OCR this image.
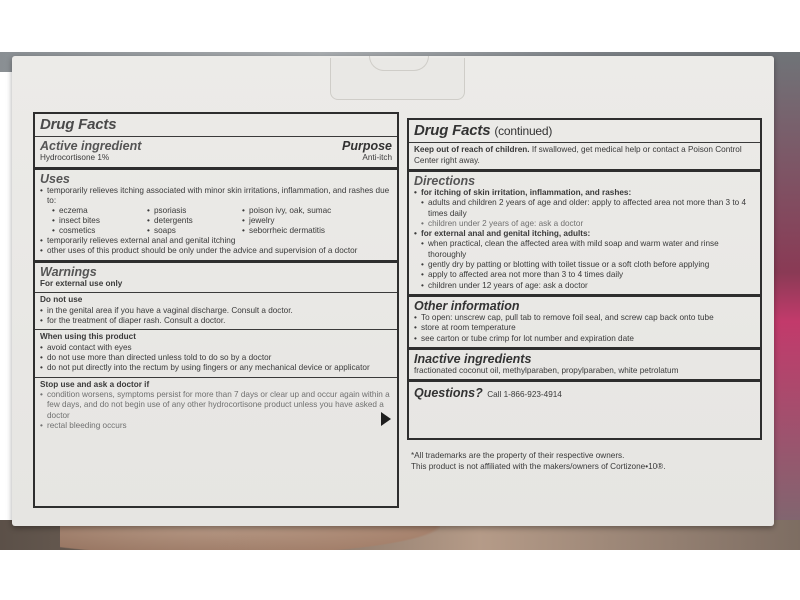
Drug Facts
Active ingredient	Purpose
Hydrocortisone 1%	Anti-itch
Uses
• temporarily relieves itching associated with minor skin irritations, inflammation, and rashes due to:
• eczema	• psoriasis	• poison ivy, oak, sumac
• insect bites	• detergents	• jewelry
• cosmetics	• soaps	• seborrheic dermatitis
• temporarily relieves external anal and genital itching
• other uses of this product should be only under the advice and supervision of a doctor
Warnings
For external use only
Do not use
• in the genital area if you have a vaginal discharge. Consult a doctor.
• for the treatment of diaper rash. Consult a doctor.
When using this product
• avoid contact with eyes
• do not use more than directed unless told to do so by a doctor
• do not put directly into the rectum by using fingers or any mechanical device or applicator
Stop use and ask a doctor if
• condition worsens, symptoms persist for more than 7 days or clear up and occur again within a few days, and do not begin use of any other hydrocortisone product unless you have asked a doctor
• rectal bleeding occurs
Drug Facts (continued)
Keep out of reach of children. If swallowed, get medical help or contact a Poison Control Center right away.
Directions
• for itching of skin irritation, inflammation, and rashes:
• adults and children 2 years of age and older: apply to affected area not more than 3 to 4 times daily
• children under 2 years of age: ask a doctor
• for external anal and genital itching, adults:
• when practical, clean the affected area with mild soap and warm water and rinse thoroughly
• gently dry by patting or blotting with toilet tissue or a soft cloth before applying
• apply to affected area not more than 3 to 4 times daily
• children under 12 years of age: ask a doctor
Other information
• To open: unscrew cap, pull tab to remove foil seal, and screw cap back onto tube
• store at room temperature
• see carton or tube crimp for lot number and expiration date
Inactive ingredients
fractionated coconut oil, methylparaben, propylparaben, white petrolatum
Questions? Call 1-866-923-4914
*All trademarks are the property of their respective owners.
This product is not affiliated with the makers/owners of Cortizone•10®.
